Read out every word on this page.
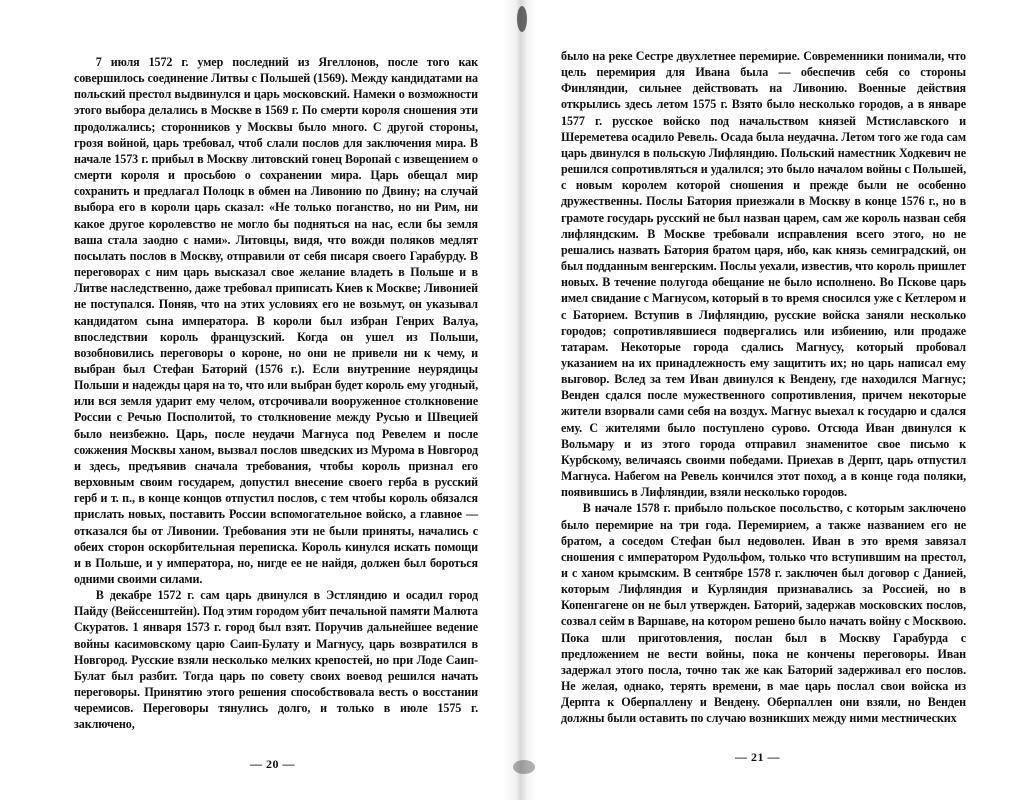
7 июля 1572 г. умер последний из Ягеллонов, после того как совершилось соединение Литвы с Польшей (1569). Между кандидатами на польский престол выдвинулся и царь московский. Намеки о возможности этого выбора делались в Москве в 1569 г. По смерти короля сношения эти продолжались; сторонников у Москвы было много. С другой стороны, грозя войной, царь требовал, чтоб слали послов для заключения мира. В начале 1573 г. прибыл в Москву литовский гонец Воропай с извещением о смерти короля и просьбою о сохранении мира. Царь обещал мир сохранить и предлагал Полоцк в обмен на Ливонию по Двину; на случай выбора его в короли царь сказал: «Не только поганство, но ни Рим, ни какое другое королевство не могло бы подняться на нас, если бы земля ваша стала заодно с нами». Литовцы, видя, что вожди поляков медлят посылать послов в Москву, отправили от себя писаря своего Гарабурду. В переговорах с ним царь высказал свое желание владеть в Польше и в Литве наследственно, даже требовал приписать Киев к Москве; Ливонией не поступался. Поняв, что на этих условиях его не возьмут, он указывал кандидатом сына императора. В короли был избран Генрих Валуа, впоследствии король французский. Когда он ушел из Польши, возобновились переговоры о короне, но они не привели ни к чему, и выбран был Стефан Баторий (1576 г.). Если внутренние неурядицы Польши и надежды царя на то, что или выбран будет король ему угодный, или вся земля ударит ему челом, отсрочивали вооруженное столкновение России с Речью Посполитой, то столкновение между Русью и Швецией было неизбежно. Царь, после неудачи Магнуса под Ревелем и после сожжения Москвы ханом, вызвал послов шведских из Мурома в Новгород и здесь, предъявив сначала требования, чтобы король признал его верховным своим государем, допустил внесение своего герба в русский герб и т. п., в конце концов отпустил послов, с тем чтобы король обязался прислать новых, поставить России вспомогательное войско, а главное — отказался бы от Ливонии. Требования эти не были приняты, начались с обеих сторон оскорбительная переписка. Король кинулся искать помощи и в Польше, и у императора, но, нигде ее не найдя, должен был бороться одними своими силами.

В декабре 1572 г. сам царь двинулся в Эстляндию и осадил город Пайду (Вейссенштейн). Под этим городом убит печальной памяти Малюта Скуратов. 1 января 1573 г. город был взят. Поручив дальнейшее ведение войны касимовскому царю Саип-Булату и Магнусу, царь возвратился в Новгород. Русские взяли несколько мелких крепостей, но при Лоде Саип-Булат был разбит. Тогда царь по совету своих воевод решился начать переговоры. Принятию этого решения способствовала весть о восстании черемисов. Переговоры тянулись долго, и только в июле 1575 г. заключено,

— 20 —

было на реке Сестре двухлетнее перемирие. Современники понимали, что цель перемирия для Ивана была — обеспечив себя со стороны Финляндии, сильнее действовать на Ливонию. Военные действия открылись здесь летом 1575 г. Взято было несколько городов, а в январе 1577 г. русское войско под начальством князей Мстиславского и Шереметева осадило Ревель. Осада была неудачна. Летом того же года сам царь двинулся в польскую Лифляндию. Польский наместник Ходкевич не решился сопротивляться и удалился; это было началом войны с Польшей, с новым королем которой сношения и прежде были не особенно дружественны. Послы Батория приезжали в Москву в конце 1576 г., но в грамоте государь русский не был назван царем, сам же король назван себя лифляндским. В Москве требовали исправления всего этого, но не решались назвать Батория братом царя, ибо, как князь семиградский, он был подданным венгерским. Послы уехали, известив, что король пришлет новых. В течение полугода обещание не было исполнено. Во Пскове царь имел свидание с Магнусом, который в то время сносился уже с Кетлером и с Баторием. Вступив в Лифляндию, русские войска заняли несколько городов; сопротивлявшиеся подвергались или избиению, или продаже татарам. Некоторые города сдались Магнусу, который пробовал указанием на их принадлежность ему защитить их; но царь написал ему выговор. Вслед за тем Иван двинулся к Вендену, где находился Магнус; Венден сдался после мужественного сопротивления, причем некоторые жители взорвали сами себя на воздух. Магнус выехал к государю и сдался ему. С жителями было поступлено сурово. Отсюда Иван двинулся к Вольмару и из этого города отправил знаменитое свое письмо к Курбскому, величаясь своими победами. Приехав в Дерпт, царь отпустил Магнуса. Набегом на Ревель кончился этот поход, а в конце года поляки, появившись в Лифляндии, взяли несколько городов.

В начале 1578 г. прибыло польское посольство, с которым заключено было перемирие на три года. Перемирием, а также названием его не братом, а соседом Стефан был недоволен. Иван в это время завязал сношения с императором Рудольфом, только что вступившим на престол, и с ханом крымским. В сентябре 1578 г. заключен был договор с Данией, которым Лифляндия и Курляндия признавались за Россией, но в Копенгагене он не был утвержден. Баторий, задержав московских послов, созвал сейм в Варшаве, на котором решено было начать войну с Москвою. Пока шли приготовления, послан был в Москву Гарабурда с предложением не вести войны, пока не кончены переговоры. Иван задержал этого посла, точно так же как Баторий задерживал его послов. Не желая, однако, терять времени, в мае царь послал свои войска из Дерпта к Оберпаллену и Вендену. Оберпаллен они взяли, но Венден должны были оставить по случаю возникших между ними местнических

— 21 —
